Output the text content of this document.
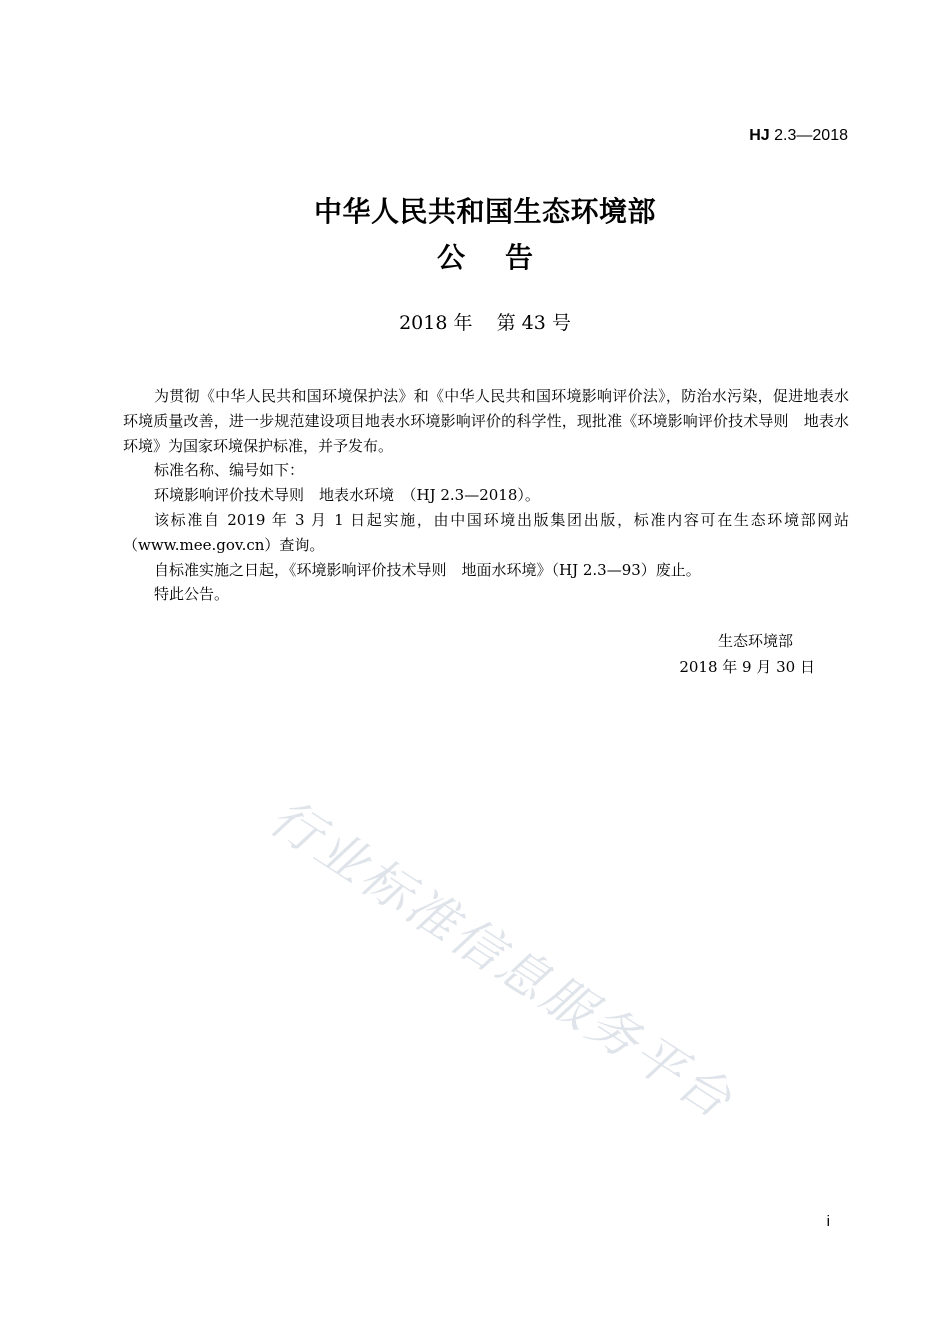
HJ 2.3—2018
中华人民共和国生态环境部
公 告
2018 年    第 43 号

为贯彻《中华人民共和国环境保护法》和《中华人民共和国环境影响评价法》，防治水污染，促进地表水环境质量改善，进一步规范建设项目地表水环境影响评价的科学性，现批准《环境影响评价技术导则　地表水环境》为国家环境保护标准，并予发布。

标准名称、编号如下：

环境影响评价技术导则　地表水环境　（HJ 2.3—2018）。

该标准自 2019 年 3 月 1 日起实施，由中国环境出版集团出版，标准内容可在生态环境部网站（www.mee.gov.cn）查询。

自标准实施之日起，《环境影响评价技术导则　地面水环境》（HJ 2.3—93）废止。

特此公告。

生态环境部
2018 年 9 月 30 日
行业标准信息服务平台
i
